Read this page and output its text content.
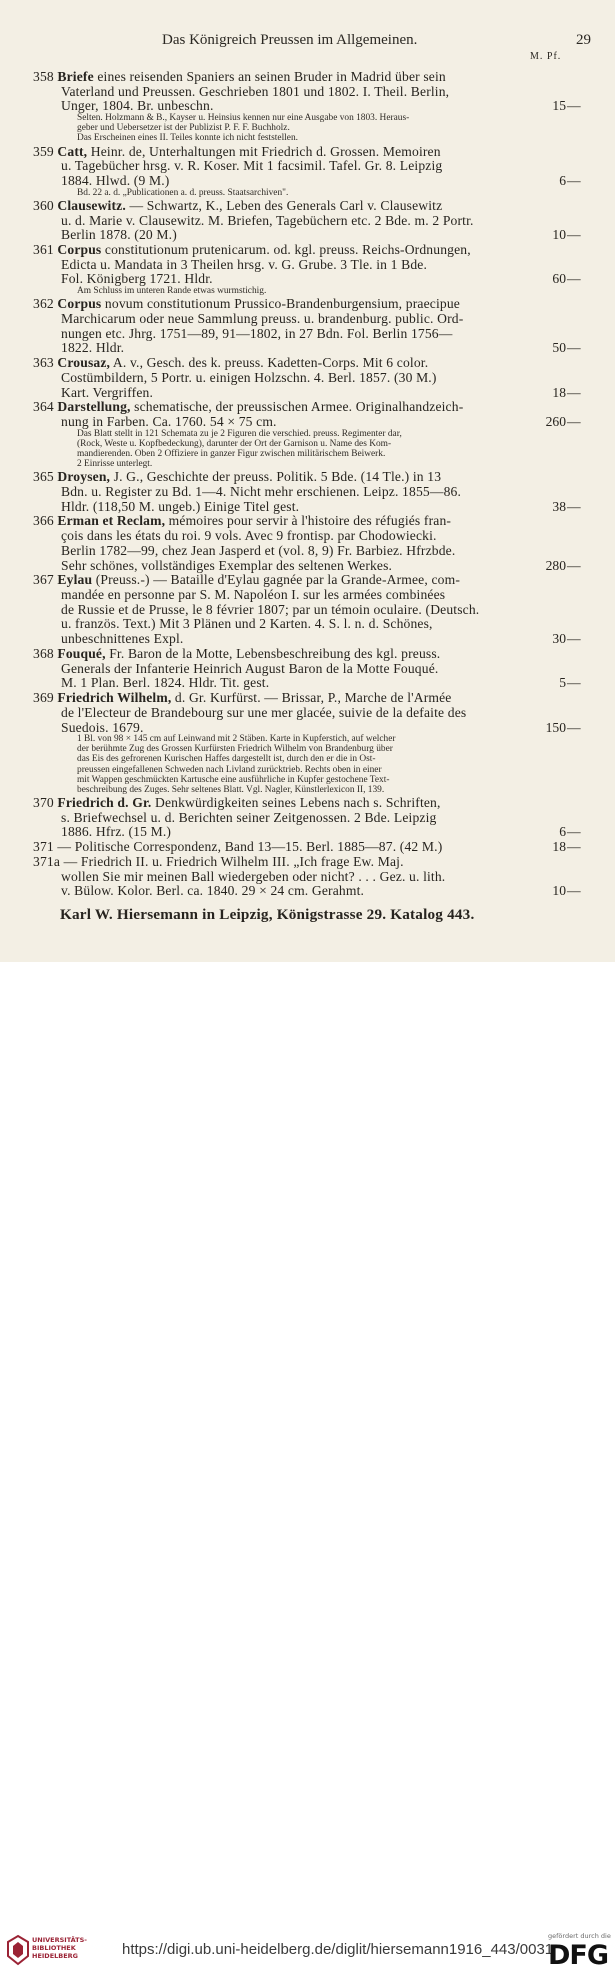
Das Königreich Preussen im Allgemeinen.	29
M. Pf.
358 Briefe eines reisenden Spaniers an seinen Bruder in Madrid über sein
Vaterland und Preussen. Geschrieben 1801 und 1802. I. Theil. Berlin,
Unger, 1804. Br. unbeschn.	15 —
Selten. Holzmann & B., Kayser u. Heinsius kennen nur eine Ausgabe von 1803. Heraus-
geber und Uebersetzer ist der Publizist P. F. F. Buchholz.
Das Erscheinen eines II. Teiles konnte ich nicht feststellen.
359 Catt, Heinr. de, Unterhaltungen mit Friedrich d. Grossen. Memoiren
u. Tagebücher hrsg. v. R. Koser. Mit 1 facsimil. Tafel. Gr. 8. Leipzig
1884. Hlwd. (9 M.)	6 —
Bd. 22 a. d. „Publicationen a. d. preuss. Staatsarchiven".
360 Clausewitz. — Schwartz, K., Leben des Generals Carl v. Clausewitz
u. d. Marie v. Clausewitz. M. Briefen, Tagebüchern etc. 2 Bde. m. 2 Portr.
Berlin 1878. (20 M.)	10 —
361 Corpus constitutionum prutenicarum. od. kgl. preuss. Reichs-Ordnungen,
Edicta u. Mandata in 3 Theilen hrsg. v. G. Grube. 3 Tle. in 1 Bde.
Fol. Königberg 1721. Hldr.	60 —
Am Schluss im unteren Rande etwas wurmstichig.
362 Corpus novum constitutionum Prussico-Brandenburgensium, praecipue
Marchicarum oder neue Sammlung preuss. u. brandenburg. public. Ord-
nungen etc. Jhrg. 1751—89, 91—1802, in 27 Bdn. Fol. Berlin 1756—
1822. Hldr.	50 —
363 Crousaz, A. v., Gesch. des k. preuss. Kadetten-Corps. Mit 6 color.
Costümbildern, 5 Portr. u. einigen Holzschn. 4. Berl. 1857. (30 M.)
Kart. Vergriffen.	18 —
364 Darstellung, schematische, der preussischen Armee. Originalhandzeich-
nung in Farben. Ca. 1760. 54 × 75 cm.	260 —
Das Blatt stellt in 121 Schemata zu je 2 Figuren die verschied. preuss. Regimenter dar,
(Rock, Weste u. Kopfbedeckung), darunter der Ort der Garnison u. Name des Kom-
mandierenden. Oben 2 Offiziere in ganzer Figur zwischen militärischem Beiwerk.
2 Einrisse unterlegt.
365 Droysen, J. G., Geschichte der preuss. Politik. 5 Bde. (14 Tle.) in 13
Bdn. u. Register zu Bd. 1—4. Nicht mehr erschienen. Leipz. 1855—86.
Hldr. (118,50 M. ungeb.) Einige Titel gest.	38 —
366 Erman et Reclam, mémoires pour servir à l'histoire des réfugiés fran-
çois dans les états du roi. 9 vols. Avec 9 frontisp. par Chodowiecki.
Berlin 1782—99, chez Jean Jasperd et (vol. 8, 9) Fr. Barbiez. Hfrzbde.
Sehr schönes, vollständiges Exemplar des seltenen Werkes.	280 —
367 Eylau (Preuss.-) — Bataille d'Eylau gagnée par la Grande-Armee, com-
mandée en personne par S. M. Napoléon I. sur les armées combinées
de Russie et de Prusse, le 8 février 1807; par un témoin oculaire. (Deutsch.
u. französ. Text.) Mit 3 Plänen und 2 Karten. 4. S. l. n. d. Schönes,
unbeschnittenes Expl.	30 —
368 Fouqué, Fr. Baron de la Motte, Lebensbeschreibung des kgl. preuss.
Generals der Infanterie Heinrich August Baron de la Motte Fouqué.
M. 1 Plan. Berl. 1824. Hldr. Tit. gest.	5 —
369 Friedrich Wilhelm, d. Gr. Kurfürst. — Brissar, P., Marche de l'Armée
de l'Electeur de Brandebourg sur une mer glacée, suivie de la defaite des
Suedois. 1679.	150 —
1 Bl. von 98 × 145 cm auf Leinwand mit 2 Stäben. Karte in Kupferstich, auf welcher
der berühmte Zug des Grossen Kurfürsten Friedrich Wilhelm von Brandenburg über
das Eis des gefrorenen Kurischen Haffes dargestellt ist, durch den er die in Ost-
preussen eingefallenen Schweden nach Livland zurücktrieb. Rechts oben in einer
mit Wappen geschmückten Kartusche eine ausführliche in Kupfer gestochene Text-
beschreibung des Zuges. Sehr seltenes Blatt. Vgl. Nagler, Künstlerlexicon II, 139.
370 Friedrich d. Gr. Denkwürdigkeiten seines Lebens nach s. Schriften,
s. Briefwechsel u. d. Berichten seiner Zeitgenossen. 2 Bde. Leipzig
1886. Hfrz. (15 M.)	6 —
371 — Politische Correspondenz, Band 13—15. Berl. 1885—87. (42 M.)	18 —
371a — Friedrich II. u. Friedrich Wilhelm III. „Ich frage Ew. Maj.
wollen Sie mir meinen Ball wiedergeben oder nicht? . . . Gez. u. lith.
v. Bülow. Kolor. Berl. ca. 1840. 29 × 24 cm. Gerahmt.	10 —
Karl W. Hiersemann in Leipzig, Königstrasse 29. Katalog 443.
UNIVERSITÄTS-
BIBLIOTHEK
HEIDELBERG	https://digi.ub.uni-heidelberg.de/diglit/hiersemann1916_443/0031
gefördert durch die
DFG
